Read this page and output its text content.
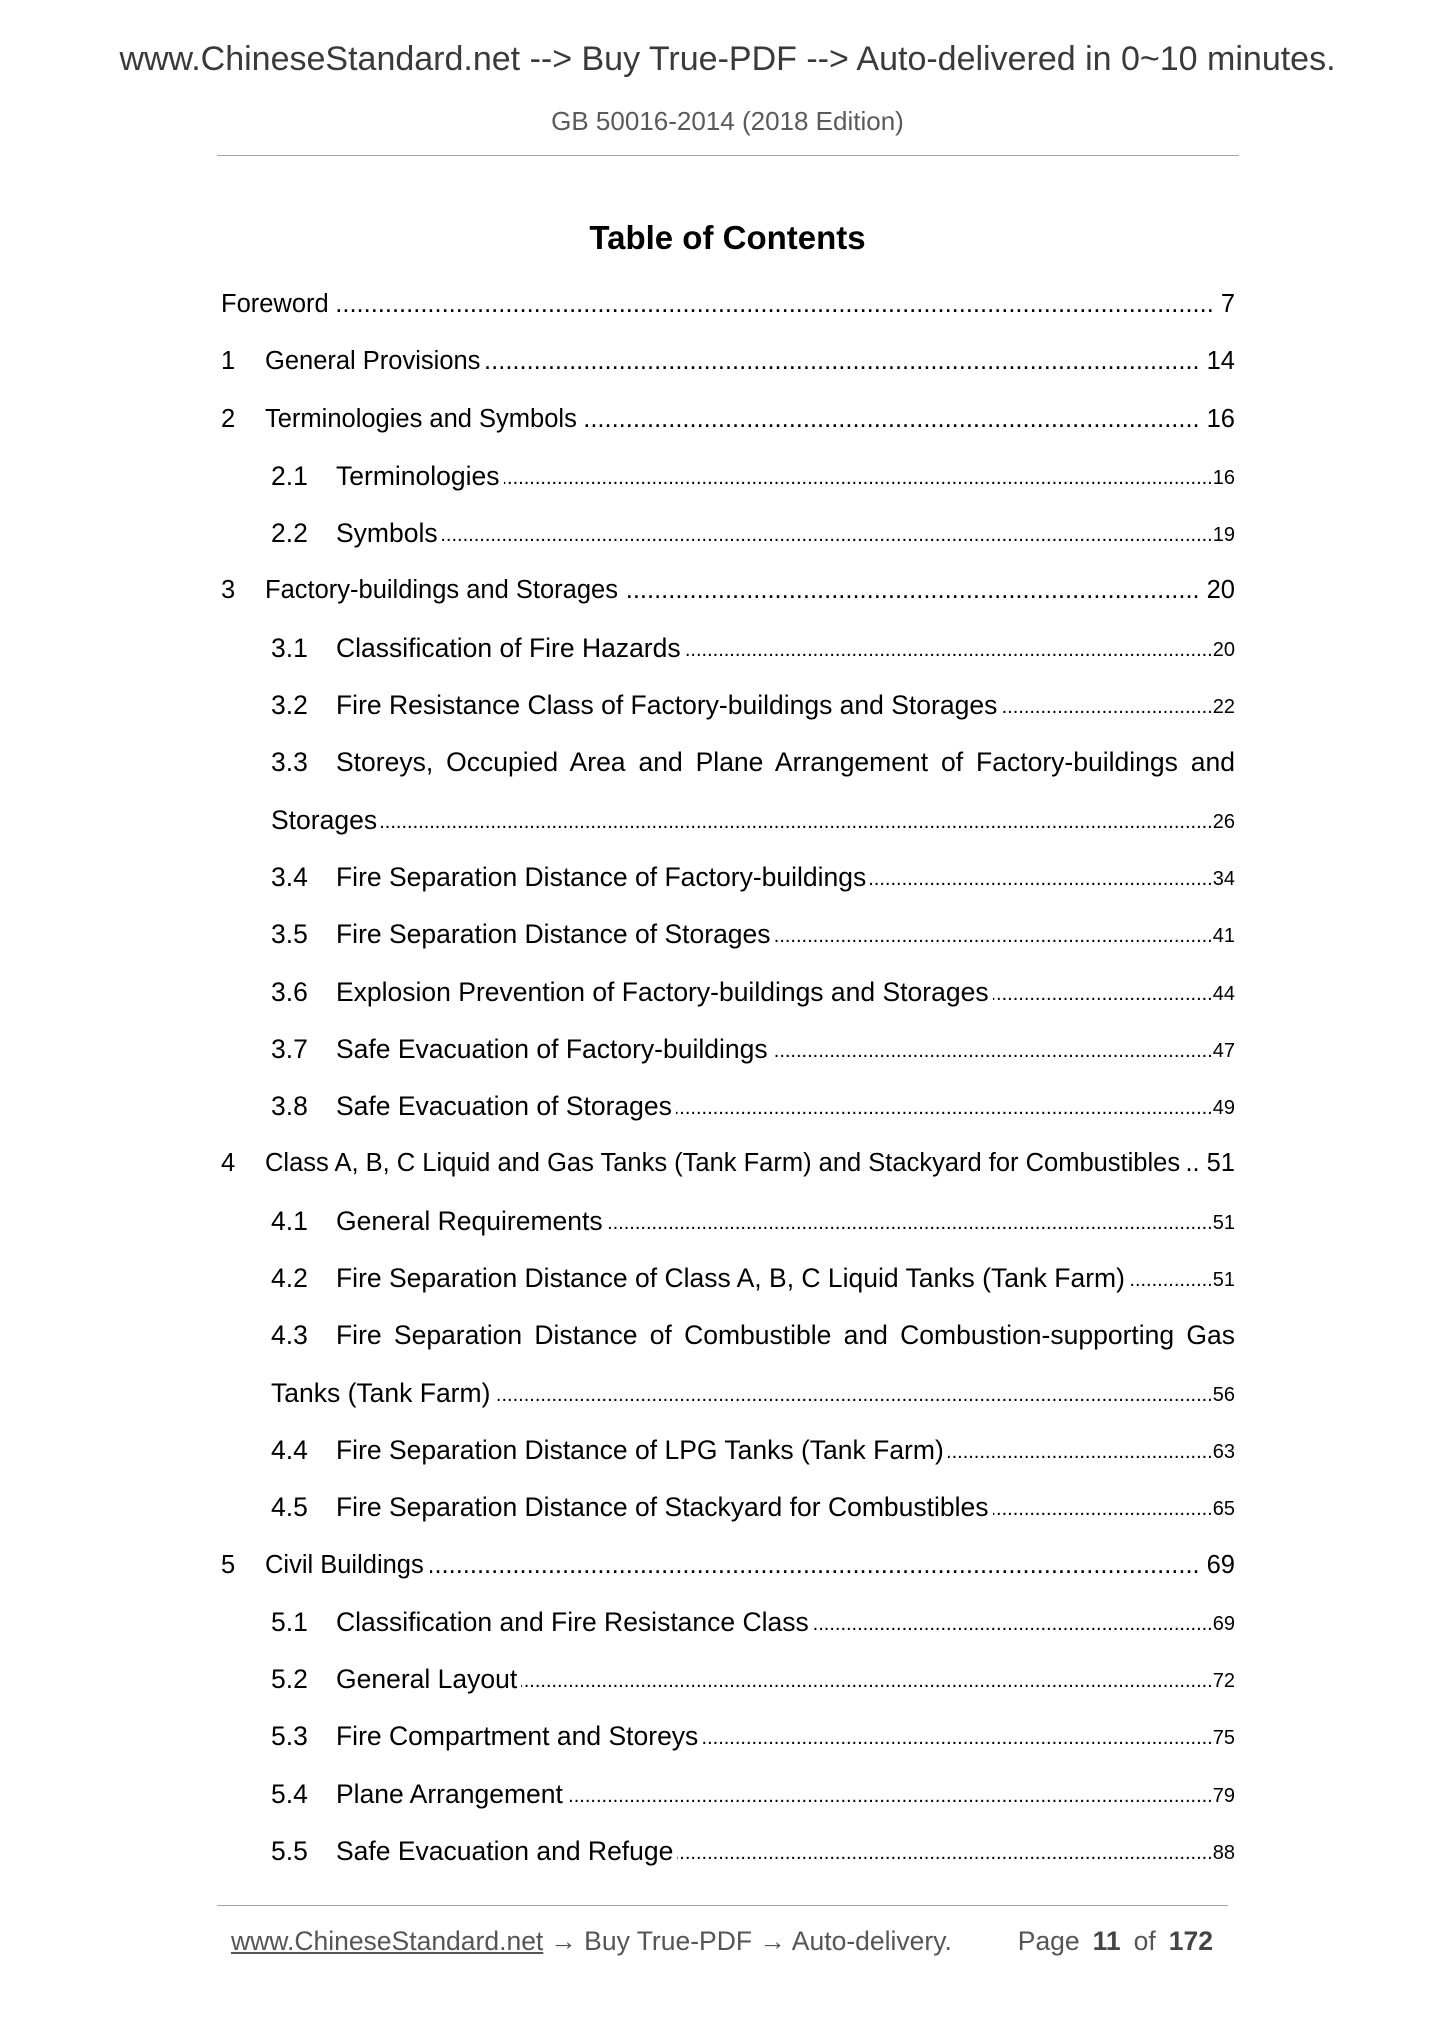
www.ChineseStandard.net --> Buy True-PDF --> Auto-delivered in 0~10 minutes.
GB 50016-2014 (2018 Edition)
Table of Contents
Foreword .....	7
1	General Provisions .....	14
2	Terminologies and Symbols .....	16
2.1	Terminologies .....	16
2.2	Symbols .....	19
3	Factory-buildings and Storages .....	20
3.1	Classification of Fire Hazards .....	20
3.2	Fire Resistance Class of Factory-buildings and Storages .....	22
3.3	Storeys, Occupied Area and Plane Arrangement of Factory-buildings and
Storages .....	26
3.4	Fire Separation Distance of Factory-buildings .....	34
3.5	Fire Separation Distance of Storages .....	41
3.6	Explosion Prevention of Factory-buildings and Storages .....	44
3.7	Safe Evacuation of Factory-buildings .....	47
3.8	Safe Evacuation of Storages .....	49
4	Class A, B, C Liquid and Gas Tanks (Tank Farm) and Stackyard for Combustibles ..... 51
4.1	General Requirements .....	51
4.2	Fire Separation Distance of Class A, B, C Liquid Tanks (Tank Farm) .....	51
4.3	Fire Separation Distance of Combustible and Combustion-supporting Gas
Tanks (Tank Farm) .....	56
4.4	Fire Separation Distance of LPG Tanks (Tank Farm) .....	63
4.5	Fire Separation Distance of Stackyard for Combustibles .....	65
5	Civil Buildings .....	69
5.1	Classification and Fire Resistance Class .....	69
5.2	General Layout .....	72
5.3	Fire Compartment and Storeys .....	75
5.4	Plane Arrangement .....	79
5.5	Safe Evacuation and Refuge .....	88
www.ChineseStandard.net → Buy True-PDF → Auto-delivery. Page 11 of 172
